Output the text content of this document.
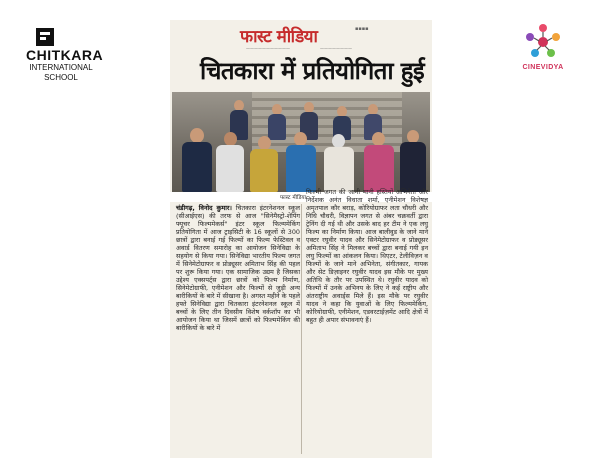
CHITKARA
INTERNATIONAL
SCHOOL
CINEVIDYA
फास्ट मीडिया
———————————	————————
▪▪▪▪
चितकारा में प्रतियोगिता हुई
फास्ट मीडिया
चंडीगढ़, विनोद कुमार। चितकारा इंटरनेशनल स्कूल (सीआईएस) की तरफ से आज "सिनेमैस्ट्रो-शेपिंग फ्यूचर फिल्ममेकर्स" इंटर स्कूल फिल्ममेकिंग प्रतियोगिता में आज ट्राइसिटी के 16 स्कूलों से 300 छात्रों द्वारा बनाई गई फिल्मों का फिल्म फेस्टिवल व अवार्ड वितरण समारोह का आयोजन सिनेविद्या के सहयोग से किया गया। सिनेविद्या भारतीय फिल्म जगत में सिनेमेटोग्राफर व प्रोड्यूसर अमिताभ सिंह की पहल पर शुरू किया गया। एक सामाजिक उद्यम है जिसका उद्देश्य एक्सपर्ट्स द्वारा छात्रों को फिल्म निर्माण, सिनेमेटोग्राफी, एनीमेशन और फिल्मों से जुड़ी अन्य बारीकियों के बारे में सीखाना है। अगस्त महीने के पहले हफ्ते सिनेविद्या द्वारा चितकारा इंटरनेशनल स्कूल में बच्चों के लिए तीन दिवसीय विशेष वर्कशॉप का भी आयोजन किया था जिसमें छात्रों को फिल्ममेकिंग की बारीकियों के बारे में
फिल्मी जगत की जानी मानी हस्तियों अभिनेता और निर्देशक अनंत विधाता शर्मा, एनीमेशन विशेषज्ञ अमृतपाल कौर बराड़, कोरियोग्राफर लता चौधरी और निधि चौधरी, विज्ञापन जगत से अंबर चक्रवर्ती द्वारा ट्रेनिंग दी गई थी और उसके बाद हर टीम ने एक लघु फिल्म का निर्माण किया। आज बालीवुड के जाने माने एक्टर रघुवीर यादव और सिनेमेटोग्राफर व प्रोड्यूसर अमिताभ सिंह ने मिलकर बच्चों द्वारा बनाई गयी इन लघु फिल्मों का आंकलन किया। थिएटर, टेलीविज़न व फिल्मों के जाने माने अभिनेता, संगीतकार, गायक और सेट डिज़ाइनर रघुवीर यादव इस मौके पर मुख्य अतिथि के तौर पर उपस्थित थे। रघुवीर यादव को फिल्मों में उनके अभिनय के लिए ने कई राष्ट्रीय और अंतराष्ट्रीय अवार्ड्स मिले हैं। इस मौके पर रघुवीर यादव ने कहा कि युवाओं के लिए फिल्ममेकिंग, कोरियोग्राफी, एनीमेशन, एडवरटाईज़मेंट आदि क्षेत्रों में बहुत ही अपार संभावनाएं हैं।
